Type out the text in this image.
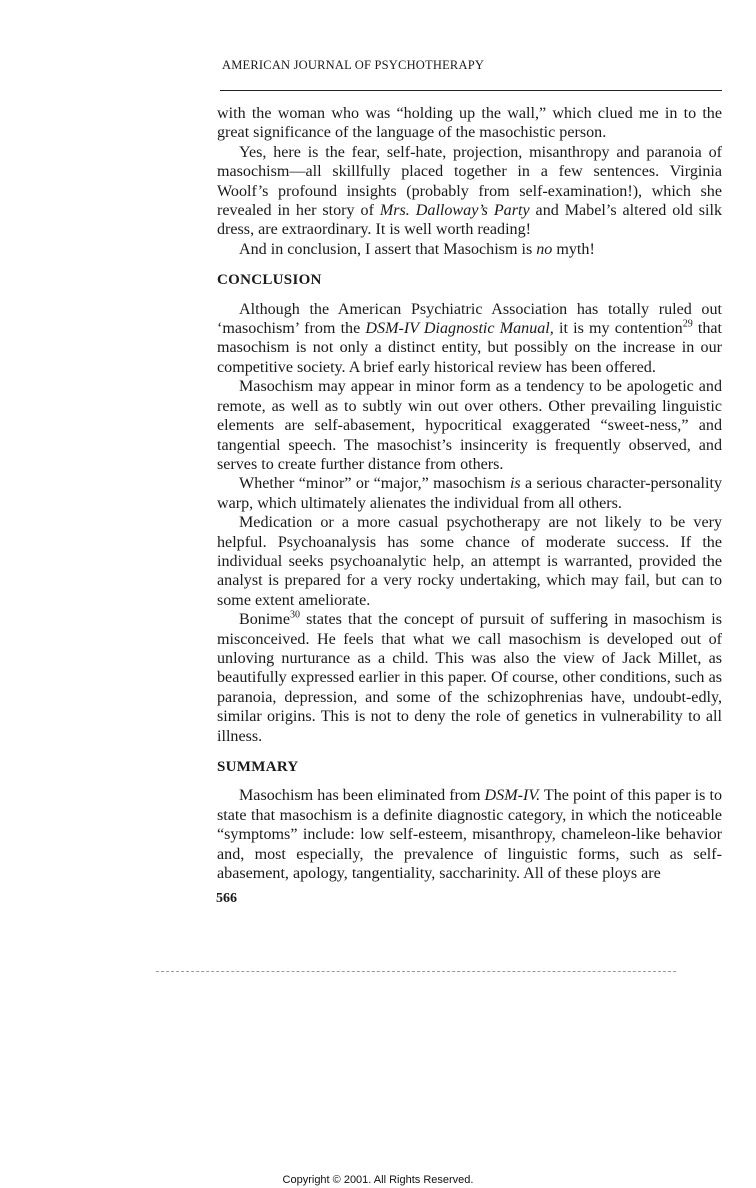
AMERICAN JOURNAL OF PSYCHOTHERAPY

with the woman who was “holding up the wall,” which clued me in to the great significance of the language of the masochistic person.

Yes, here is the fear, self-hate, projection, misanthropy and paranoia of masochism—all skillfully placed together in a few sentences. Virginia Woolf’s profound insights (probably from self-examination!), which she revealed in her story of Mrs. Dalloway’s Party and Mabel’s altered old silk dress, are extraordinary. It is well worth reading!

And in conclusion, I assert that Masochism is no myth!

CONCLUSION

Although the American Psychiatric Association has totally ruled out ‘masochism’ from the DSM-IV Diagnostic Manual, it is my contention$^{29}$ that masochism is not only a distinct entity, but possibly on the increase in our competitive society. A brief early historical review has been offered.

Masochism may appear in minor form as a tendency to be apologetic and remote, as well as to subtly win out over others. Other prevailing linguistic elements are self-abasement, hypocritical exaggerated “sweet-ness,” and tangential speech. The masochist’s insincerity is frequently observed, and serves to create further distance from others.

Whether “minor” or “major,” masochism is a serious character-personality warp, which ultimately alienates the individual from all others.

Medication or a more casual psychotherapy are not likely to be very helpful. Psychoanalysis has some chance of moderate success. If the individual seeks psychoanalytic help, an attempt is warranted, provided the analyst is prepared for a very rocky undertaking, which may fail, but can to some extent ameliorate.

Bonime$^{30}$ states that the concept of pursuit of suffering in masochism is misconceived. He feels that what we call masochism is developed out of unloving nurturance as a child. This was also the view of Jack Millet, as beautifully expressed earlier in this paper. Of course, other conditions, such as paranoia, depression, and some of the schizophrenias have, undoubt-edly, similar origins. This is not to deny the role of genetics in vulnerability to all illness.

SUMMARY

Masochism has been eliminated from DSM-IV. The point of this paper is to state that masochism is a definite diagnostic category, in which the noticeable “symptoms” include: low self-esteem, misanthropy, chameleon-like behavior and, most especially, the prevalence of linguistic forms, such as self-abasement, apology, tangentiality, saccharinity. All of these ploys are

566
Copyright © 2001. All Rights Reserved.
